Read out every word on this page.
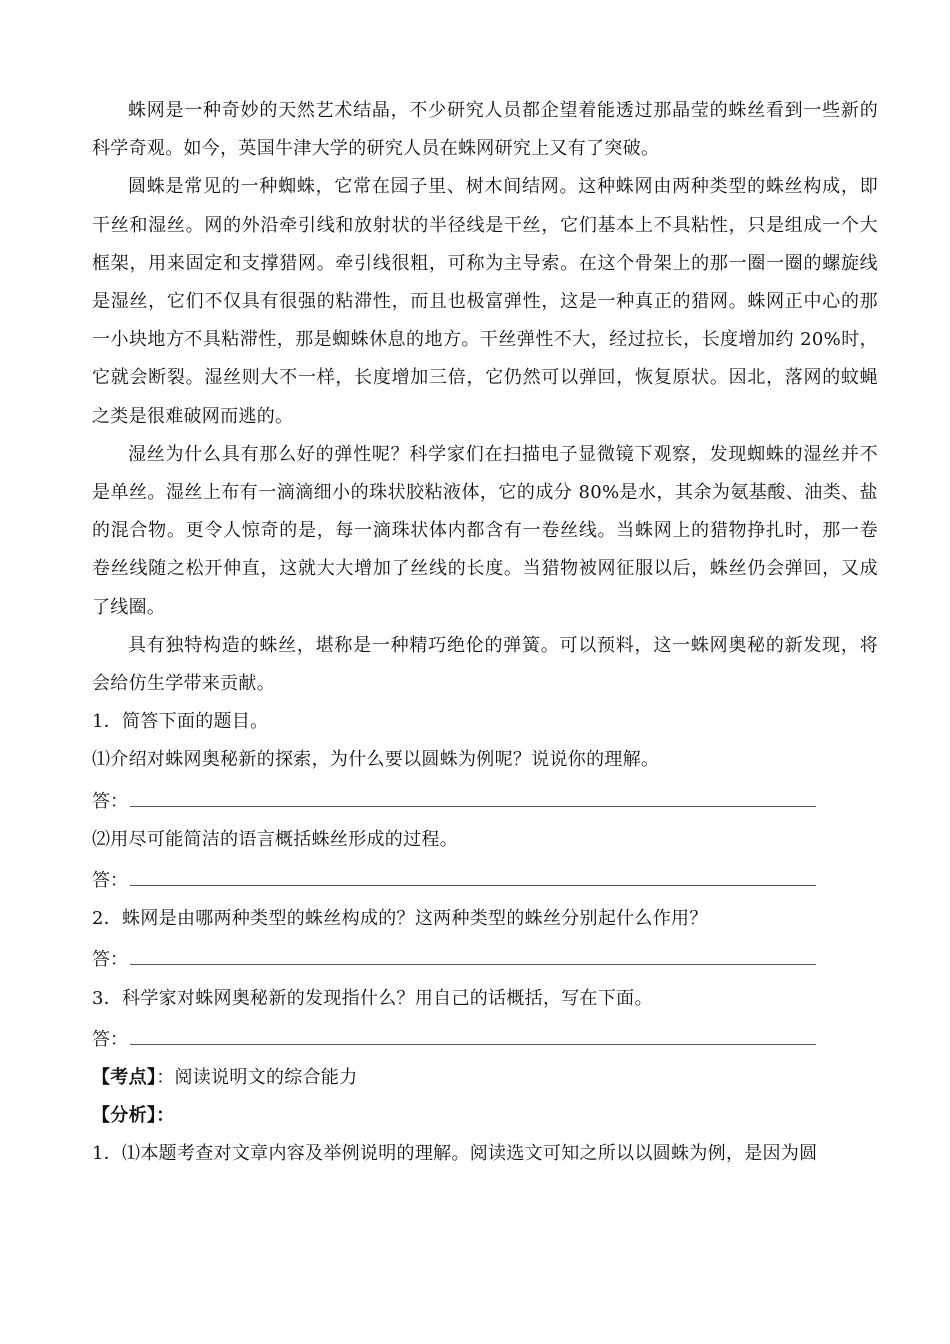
蛛网是一种奇妙的天然艺术结晶，不少研究人员都企望着能透过那晶莹的蛛丝看到一些新的科学奇观。如今，英国牛津大学的研究人员在蛛网研究上又有了突破。

圆蛛是常见的一种蜘蛛，它常在园子里、树木间结网。这种蛛网由两种类型的蛛丝构成，即干丝和湿丝。网的外沿牵引线和放射状的半径线是干丝，它们基本上不具粘性，只是组成一个大框架，用来固定和支撑猎网。牵引线很粗，可称为主导索。在这个骨架上的那一圈一圈的螺旋线是湿丝，它们不仅具有很强的粘滞性，而且也极富弹性，这是一种真正的猎网。蛛网正中心的那一小块地方不具粘滞性，那是蜘蛛休息的地方。干丝弹性不大，经过拉长，长度增加约 20%时，它就会断裂。湿丝则大不一样，长度增加三倍，它仍然可以弹回，恢复原状。因北，落网的蚊蝇之类是很难破网而逃的。

湿丝为什么具有那么好的弹性呢？科学家们在扫描电子显微镜下观察，发现蜘蛛的湿丝并不是单丝。湿丝上布有一滴滴细小的珠状胶粘液体，它的成分 80%是水，其余为氨基酸、油类、盐的混合物。更令人惊奇的是，每一滴珠状体内都含有一卷丝线。当蛛网上的猎物挣扎时，那一卷卷丝线随之松开伸直，这就大大增加了丝线的长度。当猎物被网征服以后，蛛丝仍会弹回，又成了线圈。

具有独特构造的蛛丝，堪称是一种精巧绝伦的弹簧。可以预料，这一蛛网奥秘的新发现，将会给仿生学带来贡献。

1．简答下面的题目。

⑴介绍对蛛网奥秘新的探索，为什么要以圆蛛为例呢？说说你的理解。

答：

⑵用尽可能简洁的语言概括蛛丝形成的过程。

答：

2．蛛网是由哪两种类型的蛛丝构成的？这两种类型的蛛丝分别起什么作用？

答：

3．科学家对蛛网奥秘新的发现指什么？用自己的话概括，写在下面。

答：

【考点】：阅读说明文的综合能力

【分析】：

1．⑴本题考查对文章内容及举例说明的理解。阅读选文可知之所以以圆蛛为例，是因为圆
